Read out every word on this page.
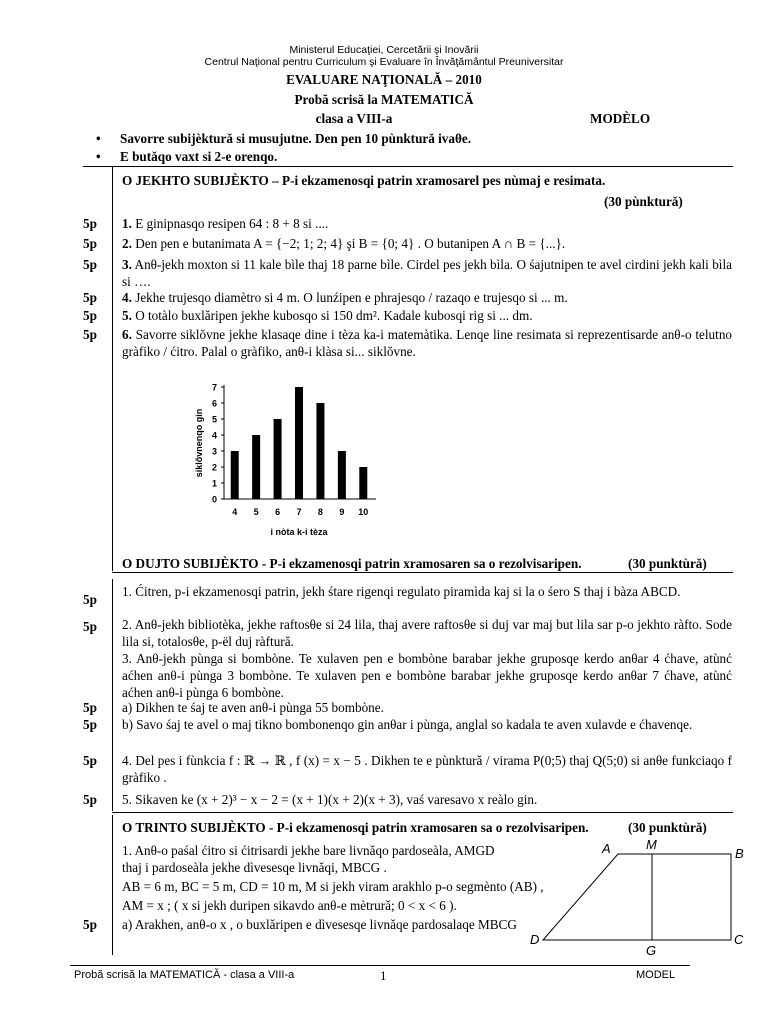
Ministerul Educaţiei, Cercetării şi Inovării
Centrul Naţional pentru Curriculum şi Evaluare în Învăţământul Preuniversitar
EVALUARE NAŢIONALĂ – 2010
Probă scrisă la MATEMATICĂ
clasa a VIII-a	MODÈLO
• Savorre subijèkturǎ si musujutne. Den pen 10 pùnkturǎ ivaθe.
• E butǎqo vaxt si 2-e orenqo.
O JEKHTO SUBIJÈKTO – P-i ekzamenosqi patrin xramosarel pes nùmaj e resimata.
(30 pùnkturǎ)
5p 1. E ginipnasqo resipen 64 : 8 + 8 si ....
5p 2. Den pen e butanimata A = {−2; 1; 2; 4} şi B = {0; 4} . O butanipen A ∩ B = {...}.
5p 3. Anθ-jekh moxton si 11 kale bìle thaj 18 parne bìle. Cirdel pes jekh bìla. O śajutnipen te avel cirdini jekh kali bìla si ….
5p 4. Jekhe trujesqo diamètro si 4 m. O lunźipen e phrajesqo / razaqo e trujesqo si ... m.
5p 5. O totàlo buxlǎripen jekhe kubosqo si 150 dm². Kadale kubosqi rig si ... dm.
5p 6. Savorre siklŏvne jekhe klasaqe dine i tèza ka-i matemàtika. Lenqe line resimata si reprezentisarde anθ-o telutno gràfiko / ćitro. Palal o gràfiko, anθ-i klàsa si... siklŏvne.
0
1
2
3
4
5
6
7
4 5 6 7 8 9 10
i nòta k-i tèza
siklŏvnenqo gin
O DUJTO SUBIJÈKTO - P-i ekzamenosqi patrin xramosaren sa o rezolvisaripen.	(30 punktùrǎ)
5p
1. Ćitren, p-i ekzamenosqi patrin, jekh śtare rigenqi regulato piramìda kaj si la o śero S thaj i bàza ABCD.
5p 2. Anθ-jekh bibliotèka, jekhe raftosθe si 24 lila, thaj avere raftosθe si duj var maj but lila sar p-o jekhto ràfto. Sode lila si, totalosθe, p-ël duj ràfturǎ.
3. Anθ-jekh pùnga si bombòne. Te xulaven pen e bombòne barabar jekhe gruposqe kerdo anθar 4 ćhave, atùnć aćhen anθ-i pùnga 3 bombòne. Te xulaven pen e bombòne barabar jekhe gruposqe kerdo anθar 7 ćhave, atùnć aćhen anθ-i pùnga 6 bombòne.
5p a) Dikhen te śaj te aven anθ-i pùnga 55 bombòne.
5p b) Savo śaj te avel o maj tikno bombonenqo gin anθar i pùnga, anglal so kadala te aven xulavde e ćhavenqe.
5p 4. Del pes i fùnkcia f : ℝ → ℝ , f (x) = x − 5 . Dikhen te e pùnkturǎ / virama P(0;5) thaj Q(5;0) si anθe funkciaqo f gràfiko .
5p 5. Sikaven ke (x + 2)³ − x − 2 = (x + 1)(x + 2)(x + 3), vaś varesavo x reàlo gin.
O TRINTO SUBIJÈKTO - P-i ekzamenosqi patrin xramosaren sa o rezolvisaripen.	(30 punktùrǎ)
1. Anθ-o paśal ćitro si ćitrisardi jekhe bare livnǎqo pardoseàla, AMGD
thaj i pardoseàla jekhe dìvesesqe livnǎqi, MBCG .
AB = 6 m, BC = 5 m, CD = 10 m, M si jekh viram arakhlo p-o segmènto (AB) ,
AM = x ; ( x si jekh duripen sikavdo anθ-e mètrurǎ; 0 < x < 6 ).
5p a) Arakhen, anθ-o x , o buxlǎripen e dìvesesqe livnǎqe pardosalaqe MBCG
A	M
B
D
G
C
Probă scrisă la MATEMATICĂ - clasa a VIII-a	1	MODEL
